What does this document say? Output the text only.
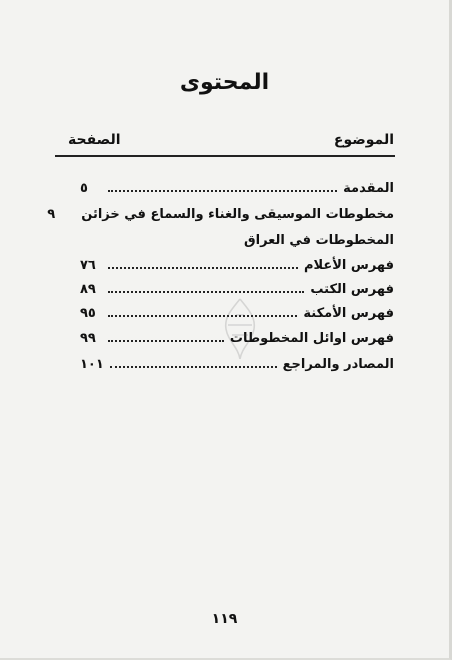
المحتوى
الموضوع
الصفحة
المقدمة
٥
مخطوطات الموسيقى والغناء والسماع في خزائن
٩
المخطوطات في العراق
فهرس الأعلام
٧٦
فهرس الكتب
٨٩
فهرس الأمكنة
٩٥
فهرس اوائل المخطوطات
٩٩
المصادر والمراجع
١٠١
١١٩
